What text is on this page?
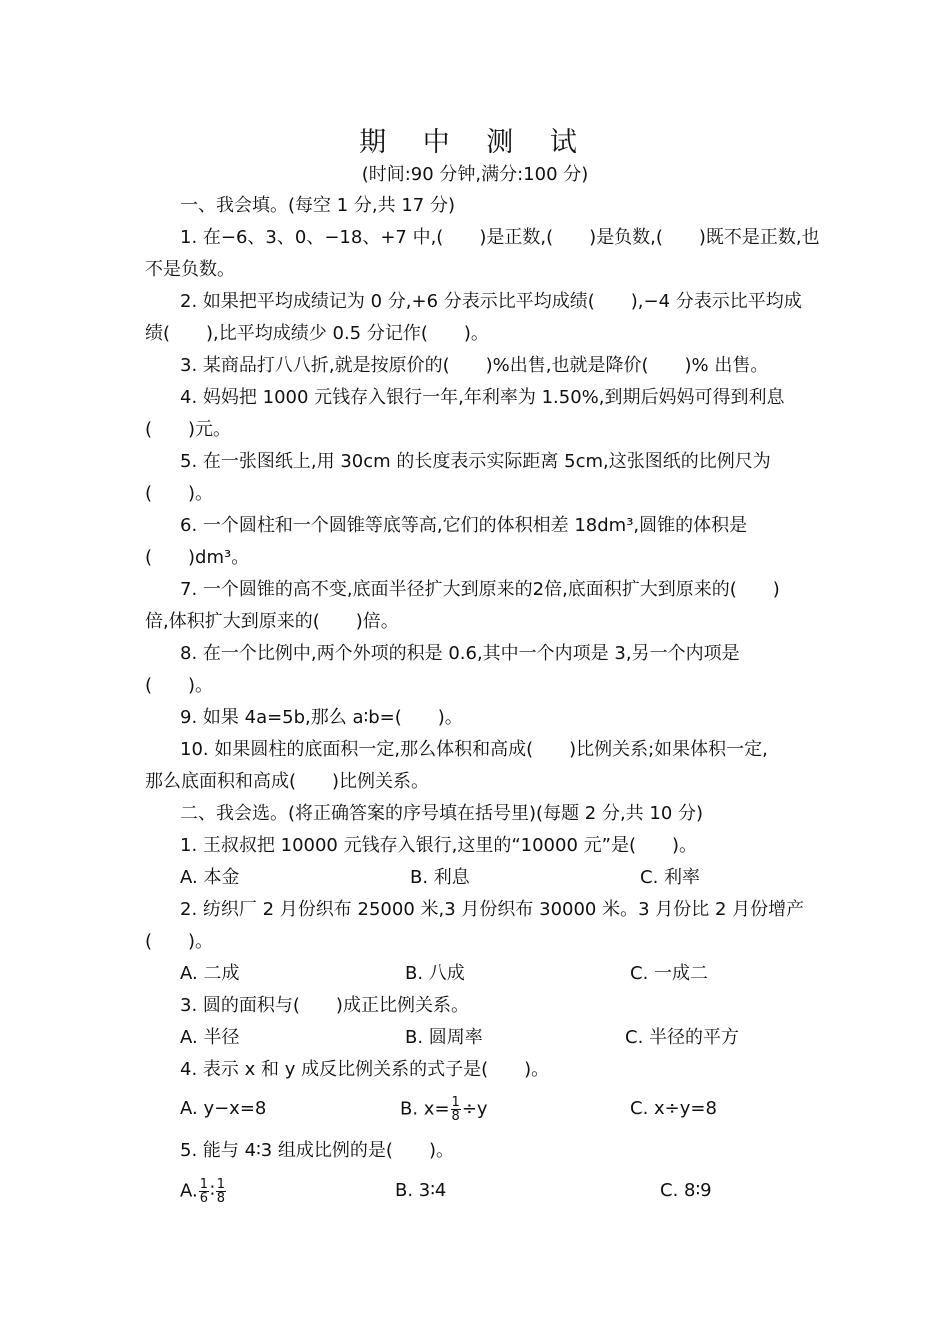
期 中 测 试
(时间:90 分钟,满分:100 分)
一、我会填。(每空 1 分,共 17 分)
1. 在−6、3、0、−18、+7 中,(　　)是正数,(　　)是负数,(　　)既不是正数,也
不是负数。
2. 如果把平均成绩记为 0 分,+6 分表示比平均成绩(　　),−4 分表示比平均成
绩(　　),比平均成绩少 0.5 分记作(　　)。
3. 某商品打八八折,就是按原价的(　　)%出售,也就是降价(　　)% 出售。
4. 妈妈把 1000 元钱存入银行一年,年利率为 1.50%,到期后妈妈可得到利息
(　　)元。
5. 在一张图纸上,用 30cm 的长度表示实际距离 5cm,这张图纸的比例尺为
(　　)。
6. 一个圆柱和一个圆锥等底等高,它们的体积相差 18dm³,圆锥的体积是
(　　)dm³。
7. 一个圆锥的高不变,底面半径扩大到原来的2倍,底面积扩大到原来的(　　)
倍,体积扩大到原来的(　　)倍。
8. 在一个比例中,两个外项的积是 0.6,其中一个内项是 3,另一个内项是
(　　)。
9. 如果 4a=5b,那么 a∶b=(　　)。
10. 如果圆柱的底面积一定,那么体积和高成(　　)比例关系;如果体积一定,
那么底面积和高成(　　)比例关系。
二、我会选。(将正确答案的序号填在括号里)(每题 2 分,共 10 分)
1. 王叔叔把 10000 元钱存入银行,这里的“10000 元”是(　　)。
A. 本金	B. 利息	C. 利率
2. 纺织厂 2 月份织布 25000 米,3 月份织布 30000 米。3 月份比 2 月份增产
(　　)。
A. 二成	B. 八成	C. 一成二
3. 圆的面积与(　　)成正比例关系。
A. 半径	B. 圆周率	C. 半径的平方
4. 表示 x 和 y 成反比例关系的式子是(　　)。
A. y−x=8	B. $x= \frac{1}{8} \div y$	C. x÷y=8
5. 能与 4∶3 组成比例的是(　　)。
A. $\frac{1}{6}$ ∶ $\frac{1}{8}$	B. 3∶4	C. 8∶9
